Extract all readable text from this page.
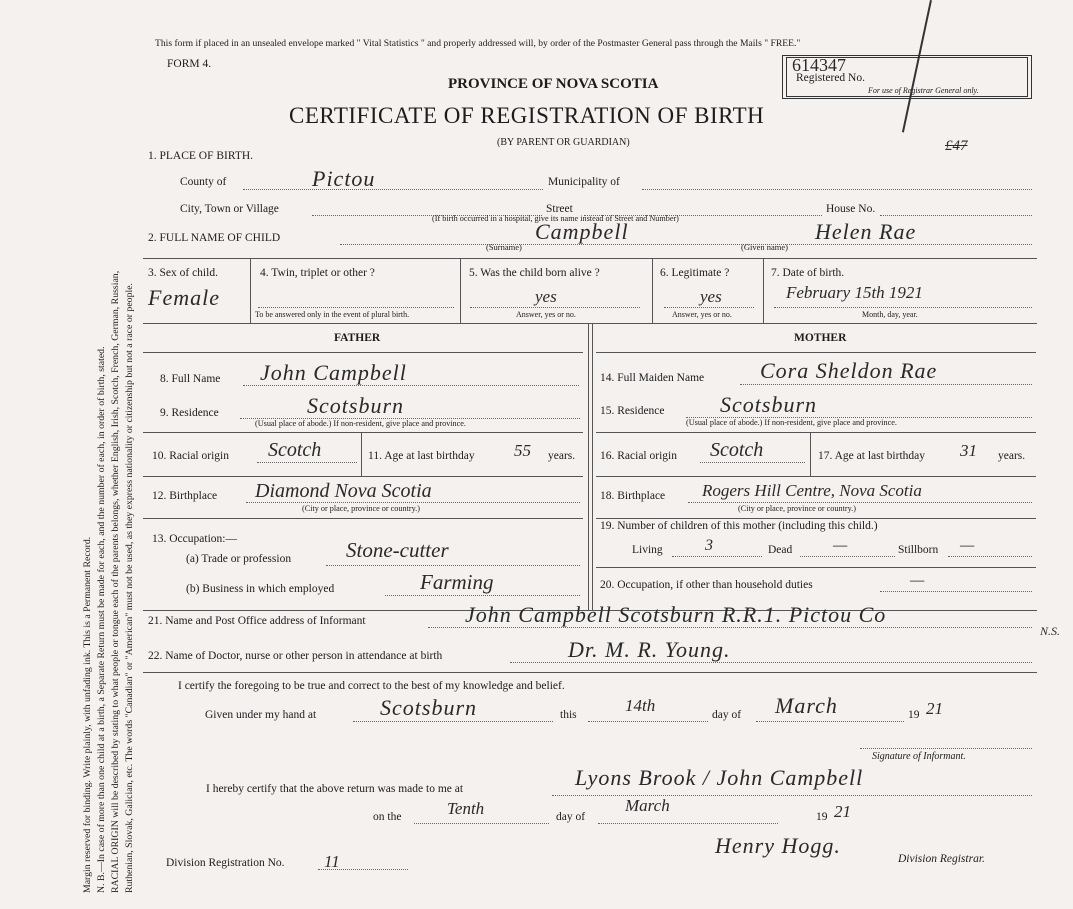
Margin reserved for binding. Write plainly, with unfading ink. This is a Permanent Record. N. B.—In case of more than one child at a birth, a Separate Return must be made for each, and the number of each, in order of birth, stated. RACIAL ORIGIN will be described by stating to what people or tongue each of the parents belongs, whether English, Irish, Scotch, French, German, Russian, Ruthenian, Slovak, Galician, etc. The words "Canadian" or "American" must not be used, as they express nationality or citizenship but not a race or people.
This form if placed in an unsealed envelope marked " Vital Statistics " and properly addressed will, by order of the Postmaster General pass through the Mails " FREE."
FORM 4.
PROVINCE OF NOVA SCOTIA
CERTIFICATE OF REGISTRATION OF BIRTH
(BY PARENT OR GUARDIAN)
614347
Registered No.
For use of Registrar General only.
£47
1. PLACE OF BIRTH.
County of	Pictou	Municipality of
City, Town or Village	Street	House No.
(If birth occurred in a hospital, give its name instead of Street and Number)
2. FULL NAME OF CHILD	Campbell
(Surname)
Helen Rae
(Given name)
3. Sex of child.
Female
4. Twin, triplet or other ?
To be answered only in the event of plural birth.
5. Was the child born alive ?
yes
Answer, yes or no.
6. Legitimate ?
yes
Answer, yes or no.
7. Date of birth.
February 15th 1921
Month, day, year.
FATHER	MOTHER
8. Full Name John Campbell
9. Residence	Scotsburn
(Usual place of abode.) If non-resident, give place and province.
10. Racial origin Scotch	11. Age at last birthday 55 years.
12. Birthplace Diamond Nova Scotia
(City or place, province or country.)
13. Occupation:—
(a) Trade or profession	Stone-cutter
(b) Business in which employed	Farming
14. Full Maiden Name	Cora Sheldon Rae
15. Residence	Scotsburn
(Usual place of abode.) If non-resident, give place and province.
16. Racial origin Scotch	17. Age at last birthday 31 years.
18. Birthplace Rogers Hill Centre, Nova Scotia
(City or place, province or country.)
19. Number of children of this mother (including this child.)
Living	3	Dead	—	Stillborn —
20. Occupation, if other than household duties	—
21. Name and Post Office address of Informant	John Campbell Scotsburn R.R.1. Pictou Co
N.S.
22. Name of Doctor, nurse or other person in attendance at birth	Dr. M. R. Young.
I certify the foregoing to be true and correct to the best of my knowledge and belief.
Given under my hand at	Scotsburn	this	14th	day of March	19 21
Signature of Informant.
I hereby certify that the above return was made to me at	Lyons Brook / John Campbell
on the	Tenth	day of
March
19 21
Henry Hogg.
Division Registration No. 11	Division Registrar.
